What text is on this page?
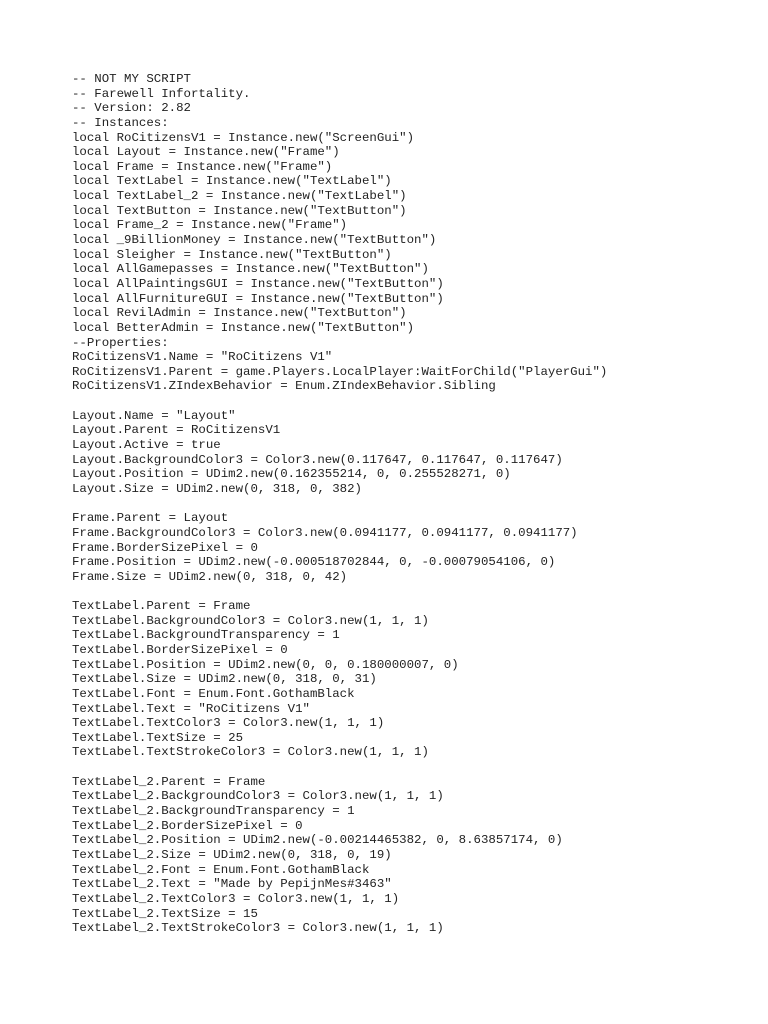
-- NOT MY SCRIPT
-- Farewell Infortality.
-- Version: 2.82
-- Instances:
local RoCitizensV1 = Instance.new("ScreenGui")
local Layout = Instance.new("Frame")
local Frame = Instance.new("Frame")
local TextLabel = Instance.new("TextLabel")
local TextLabel_2 = Instance.new("TextLabel")
local TextButton = Instance.new("TextButton")
local Frame_2 = Instance.new("Frame")
local _9BillionMoney = Instance.new("TextButton")
local Sleigher = Instance.new("TextButton")
local AllGamepasses = Instance.new("TextButton")
local AllPaintingsGUI = Instance.new("TextButton")
local AllFurnitureGUI = Instance.new("TextButton")
local RevilAdmin = Instance.new("TextButton")
local BetterAdmin = Instance.new("TextButton")
--Properties:
RoCitizensV1.Name = "RoCitizens V1"
RoCitizensV1.Parent = game.Players.LocalPlayer:WaitForChild("PlayerGui")
RoCitizensV1.ZIndexBehavior = Enum.ZIndexBehavior.Sibling
Layout.Name = "Layout"
Layout.Parent = RoCitizensV1
Layout.Active = true
Layout.BackgroundColor3 = Color3.new(0.117647, 0.117647, 0.117647)
Layout.Position = UDim2.new(0.162355214, 0, 0.255528271, 0)
Layout.Size = UDim2.new(0, 318, 0, 382)
Frame.Parent = Layout
Frame.BackgroundColor3 = Color3.new(0.0941177, 0.0941177, 0.0941177)
Frame.BorderSizePixel = 0
Frame.Position = UDim2.new(-0.000518702844, 0, -0.00079054106, 0)
Frame.Size = UDim2.new(0, 318, 0, 42)
TextLabel.Parent = Frame
TextLabel.BackgroundColor3 = Color3.new(1, 1, 1)
TextLabel.BackgroundTransparency = 1
TextLabel.BorderSizePixel = 0
TextLabel.Position = UDim2.new(0, 0, 0.180000007, 0)
TextLabel.Size = UDim2.new(0, 318, 0, 31)
TextLabel.Font = Enum.Font.GothamBlack
TextLabel.Text = "RoCitizens V1"
TextLabel.TextColor3 = Color3.new(1, 1, 1)
TextLabel.TextSize = 25
TextLabel.TextStrokeColor3 = Color3.new(1, 1, 1)
TextLabel_2.Parent = Frame
TextLabel_2.BackgroundColor3 = Color3.new(1, 1, 1)
TextLabel_2.BackgroundTransparency = 1
TextLabel_2.BorderSizePixel = 0
TextLabel_2.Position = UDim2.new(-0.00214465382, 0, 8.63857174, 0)
TextLabel_2.Size = UDim2.new(0, 318, 0, 19)
TextLabel_2.Font = Enum.Font.GothamBlack
TextLabel_2.Text = "Made by PepijnMes#3463"
TextLabel_2.TextColor3 = Color3.new(1, 1, 1)
TextLabel_2.TextSize = 15
TextLabel_2.TextStrokeColor3 = Color3.new(1, 1, 1)
